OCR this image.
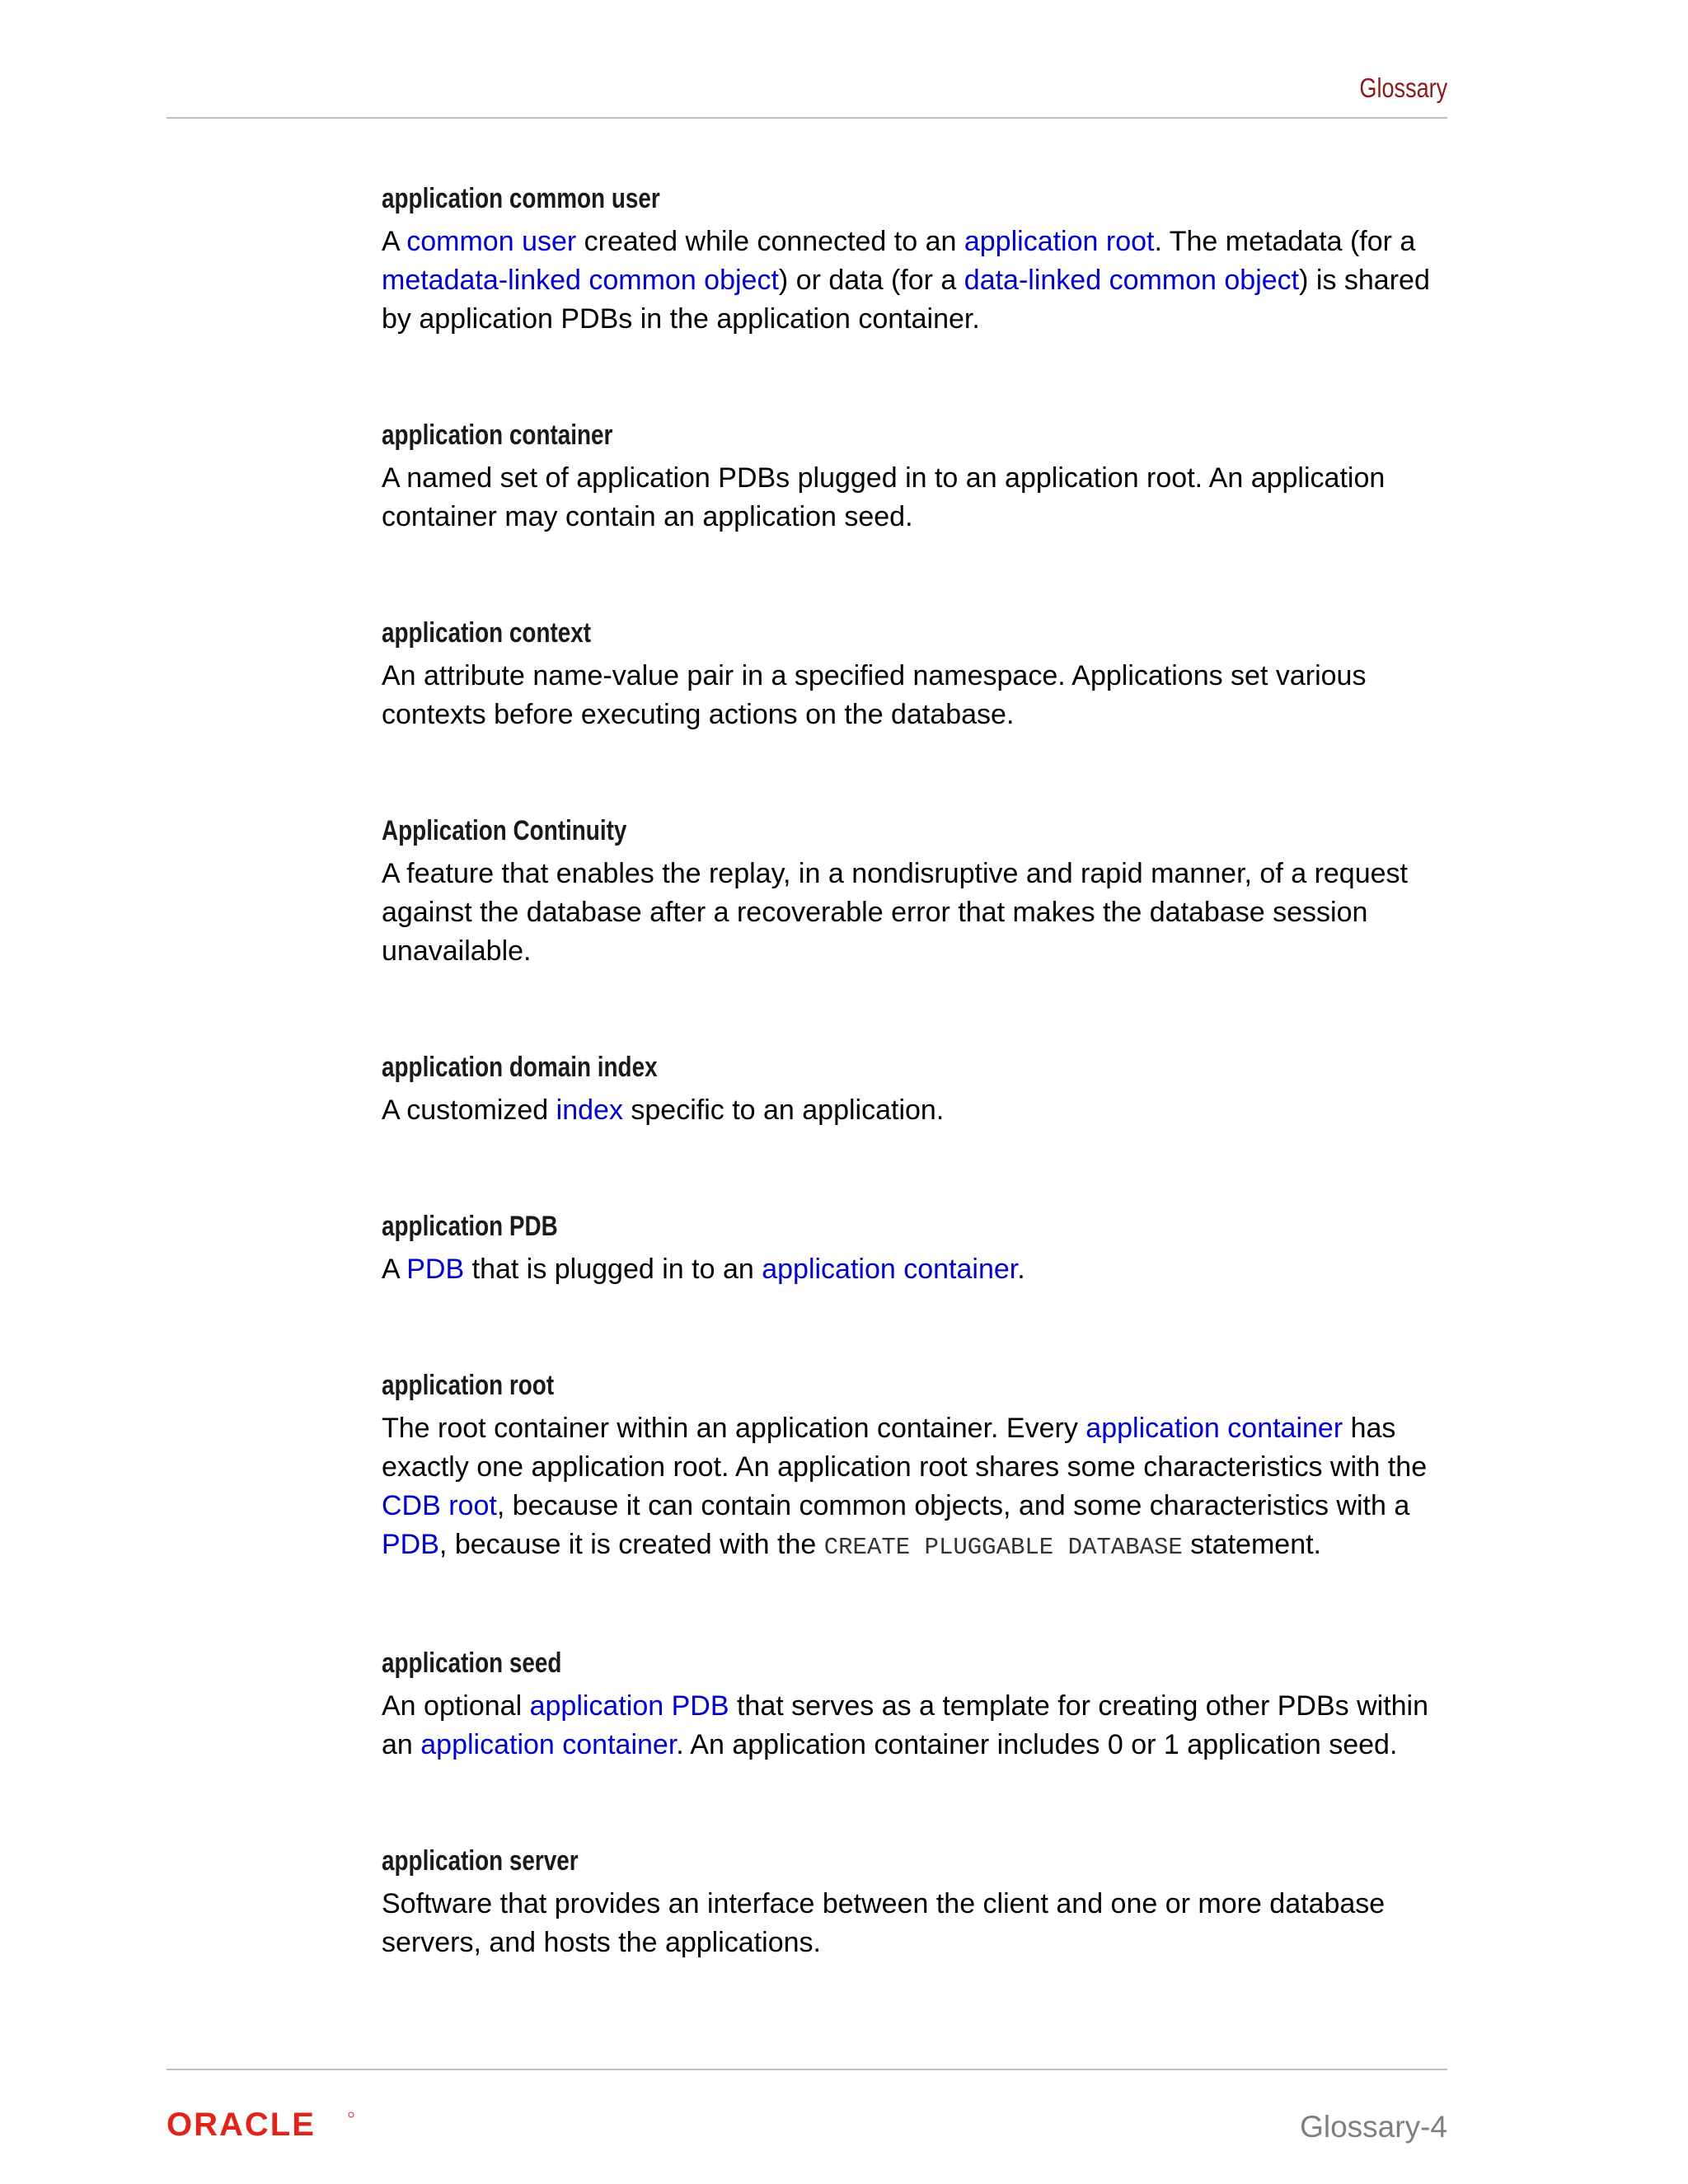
Glossary

application common user

A common user created while connected to an application root. The metadata (for a metadata-linked common object) or data (for a data-linked common object) is shared by application PDBs in the application container.

application container

A named set of application PDBs plugged in to an application root. An application container may contain an application seed.

application context

An attribute name-value pair in a specified namespace. Applications set various contexts before executing actions on the database.

Application Continuity

A feature that enables the replay, in a nondisruptive and rapid manner, of a request against the database after a recoverable error that makes the database session unavailable.

application domain index

A customized index specific to an application.

application PDB

A PDB that is plugged in to an application container.

application root

The root container within an application container. Every application container has exactly one application root. An application root shares some characteristics with the CDB root, because it can contain common objects, and some characteristics with a PDB, because it is created with the CREATE PLUGGABLE DATABASE statement.

application seed

An optional application PDB that serves as a template for creating other PDBs within an application container. An application container includes 0 or 1 application seed.

application server

Software that provides an interface between the client and one or more database servers, and hosts the applications.

ORACLE	Glossary-4
